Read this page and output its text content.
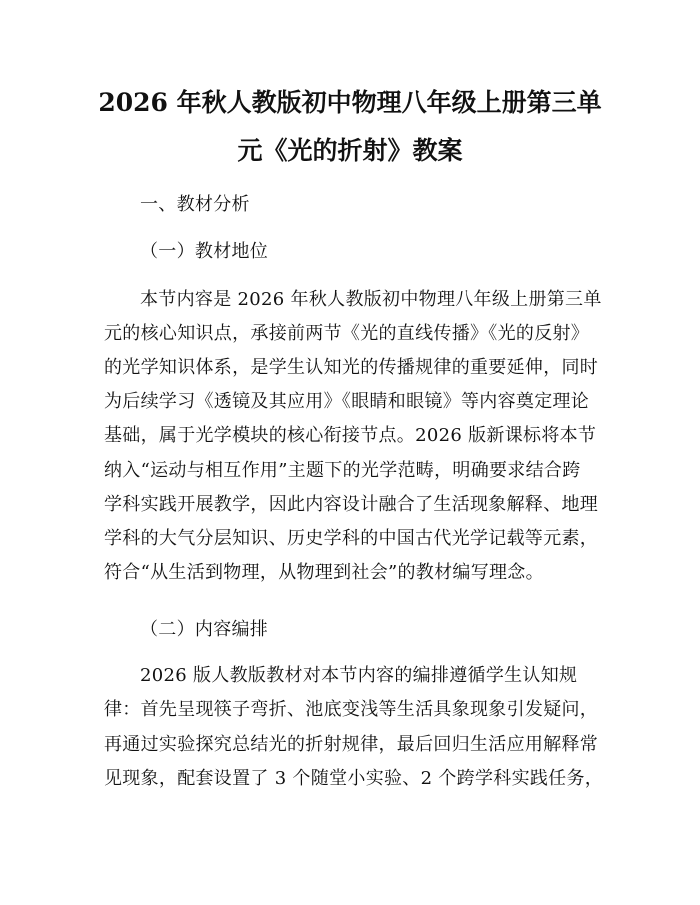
2026 年秋人教版初中物理八年级上册第三单
元《光的折射》教案
一、教材分析
（一）教材地位
本节内容是 2026 年秋人教版初中物理八年级上册第三单
元的核心知识点，承接前两节《光的直线传播》《光的反射》
的光学知识体系，是学生认知光的传播规律的重要延伸，同时
为后续学习《透镜及其应用》《眼睛和眼镜》等内容奠定理论
基础，属于光学模块的核心衔接节点。2026 版新课标将本节
纳入“运动与相互作用”主题下的光学范畴，明确要求结合跨
学科实践开展教学，因此内容设计融合了生活现象解释、地理
学科的大气分层知识、历史学科的中国古代光学记载等元素，
符合“从生活到物理，从物理到社会”的教材编写理念。
（二）内容编排
2026 版人教版教材对本节内容的编排遵循学生认知规
律：首先呈现筷子弯折、池底变浅等生活具象现象引发疑问，
再通过实验探究总结光的折射规律，最后回归生活应用解释常
见现象，配套设置了 3 个随堂小实验、2 个跨学科实践任务，
